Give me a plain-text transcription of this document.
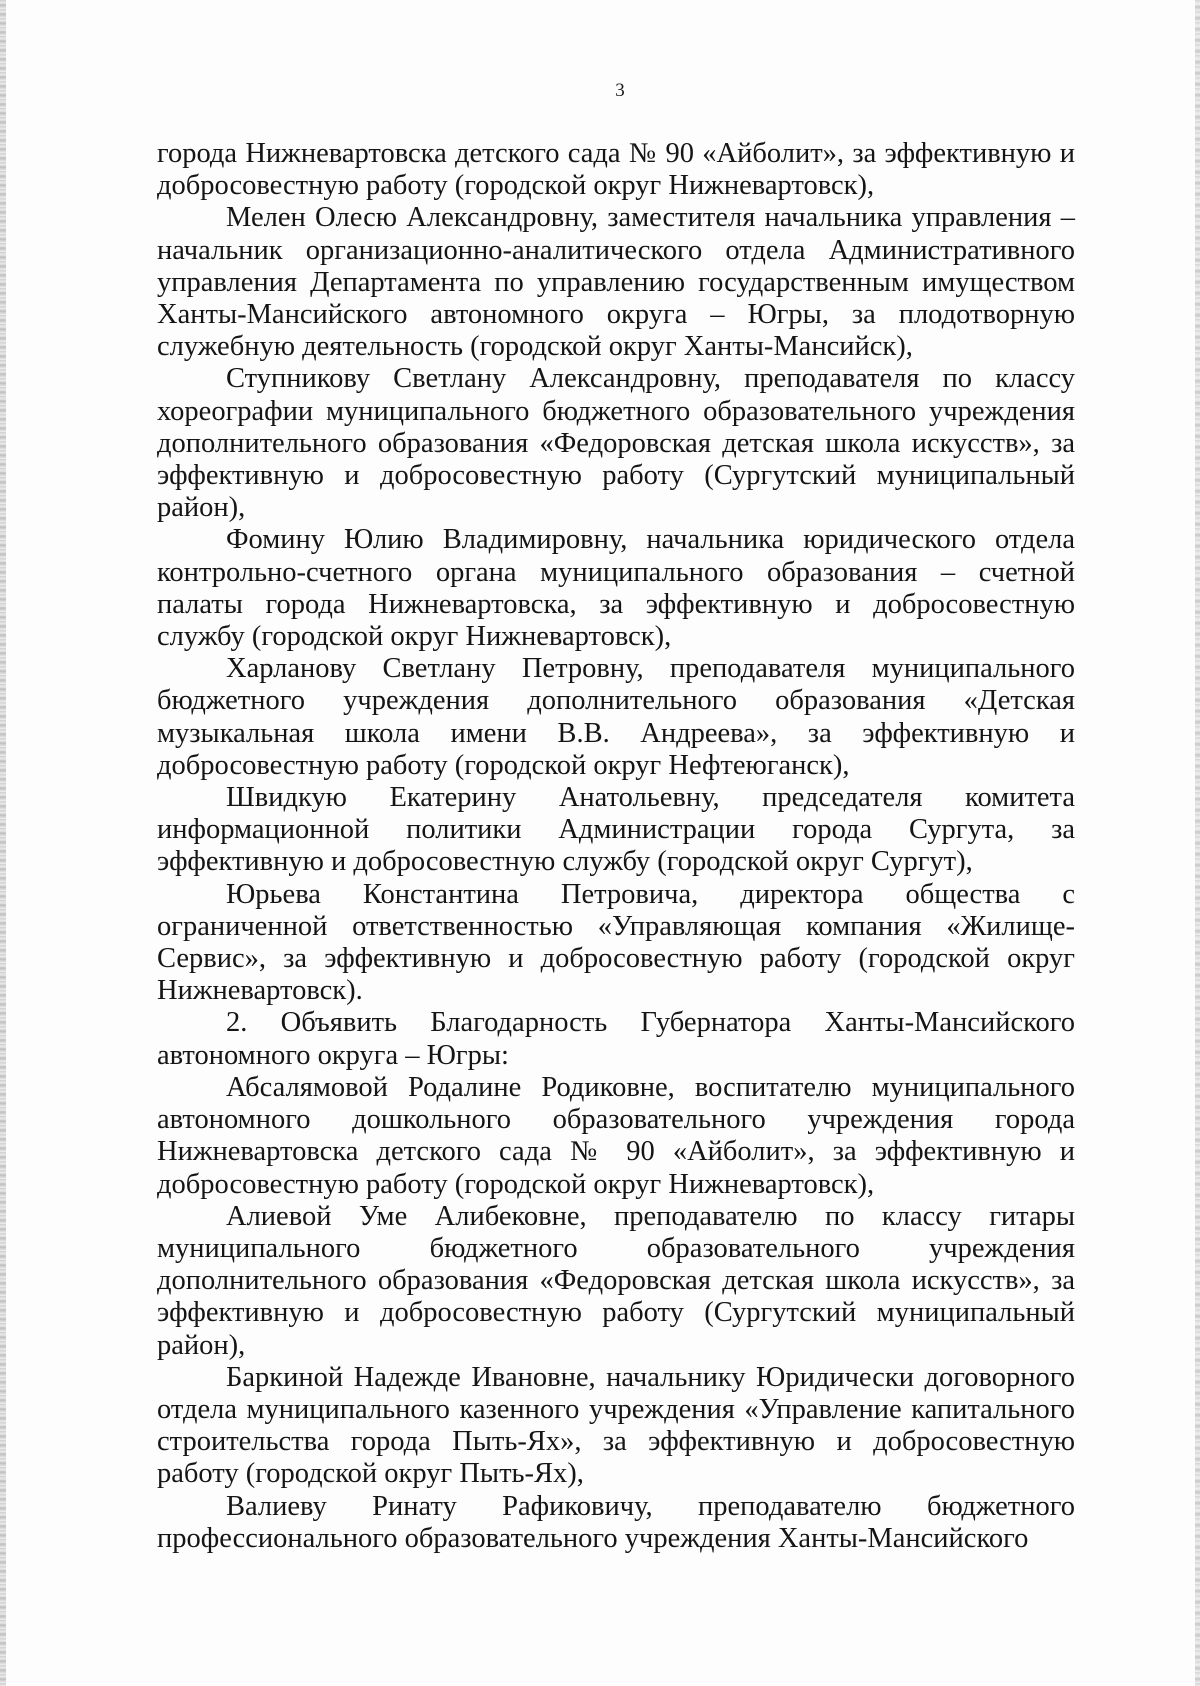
3

города Нижневартовска детского сада № 90 «Айболит», за эффективную и добросовестную работу (городской округ Нижневартовск),

Мелен Олесю Александровну, заместителя начальника управления – начальник организационно-аналитического отдела Административного управления Департамента по управлению государственным имуществом Ханты-Мансийского автономного округа – Югры, за плодотворную служебную деятельность (городской округ Ханты-Мансийск),

Ступникову Светлану Александровну, преподавателя по классу хореографии муниципального бюджетного образовательного учреждения дополнительного образования «Федоровская детская школа искусств», за эффективную и добросовестную работу (Сургутский муниципальный район),

Фомину Юлию Владимировну, начальника юридического отдела контрольно-счетного органа муниципального образования – счетной палаты города Нижневартовска, за эффективную и добросовестную службу (городской округ Нижневартовск),

Харланову Светлану Петровну, преподавателя муниципального бюджетного учреждения дополнительного образования «Детская музыкальная школа имени В.В. Андреева», за эффективную и добросовестную работу (городской округ Нефтеюганск),

Швидкую Екатерину Анатольевну, председателя комитета информационной политики Администрации города Сургута, за эффективную и добросовестную службу (городской округ Сургут),

Юрьева Константина Петровича, директора общества с ограниченной ответственностью «Управляющая компания «Жилище-Сервис», за эффективную и добросовестную работу (городской округ Нижневартовск).

2. Объявить Благодарность Губернатора Ханты-Мансийского автономного округа – Югры:

Абсалямовой Родалине Родиковне, воспитателю муниципального автономного дошкольного образовательного учреждения города Нижневартовска детского сада № 90 «Айболит», за эффективную и добросовестную работу (городской округ Нижневартовск),

Алиевой Уме Алибековне, преподавателю по классу гитары муниципального бюджетного образовательного учреждения дополнительного образования «Федоровская детская школа искусств», за эффективную и добросовестную работу (Сургутский муниципальный район),

Баркиной Надежде Ивановне, начальнику Юридически договорного отдела муниципального казенного учреждения «Управление капитального строительства города Пыть-Ях», за эффективную и добросовестную работу (городской округ Пыть-Ях),

Валиеву Ринату Рафиковичу, преподавателю бюджетного профессионального образовательного учреждения Ханты-Мансийского
